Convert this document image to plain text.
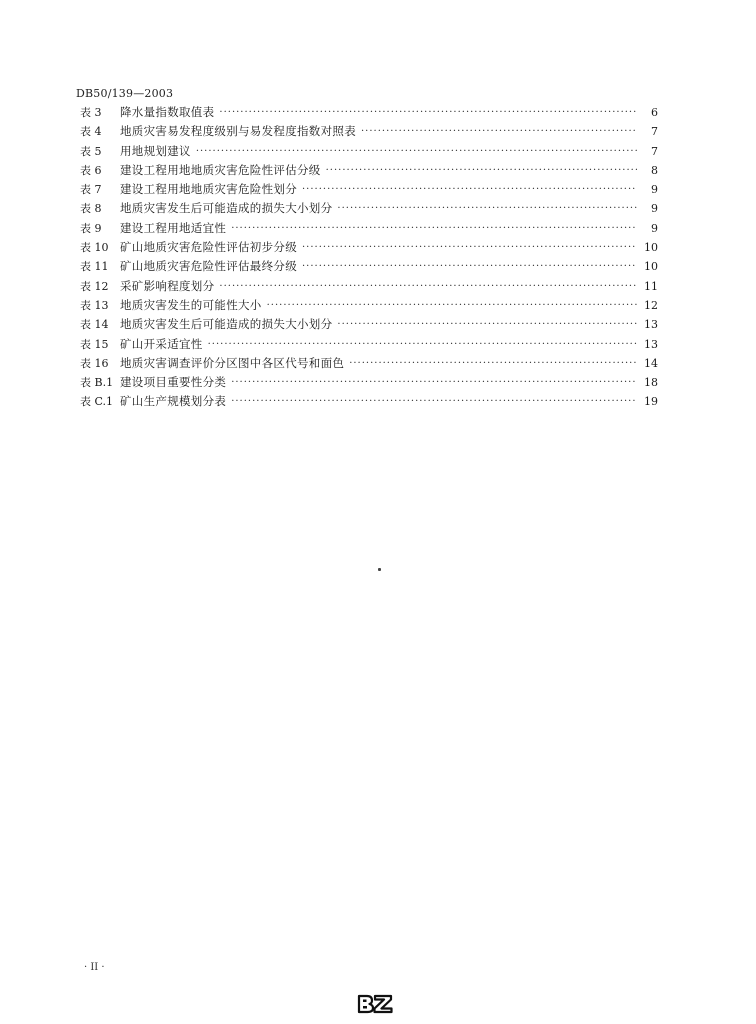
DB50/139—2003
表 3	降水量指数取值表 ·····	6
表 4	地质灾害易发程度级别与易发程度指数对照表 ·····	7
表 5	用地规划建议 ·····	7
表 6	建设工程用地地质灾害危险性评估分级 ·····	8
表 7	建设工程用地地质灾害危险性划分 ·····	9
表 8	地质灾害发生后可能造成的损失大小划分 ·····	9
表 9	建设工程用地适宜性 ·····	9
表 10	矿山地质灾害危险性评估初步分级 ·····	10
表 11	矿山地质灾害危险性评估最终分级 ·····	10
表 12	采矿影响程度划分 ·····	11
表 13	地质灾害发生的可能性大小 ·····	12
表 14	地质灾害发生后可能造成的损失大小划分 ·····	13
表 15	矿山开采适宜性 ·····	13
表 16	地质灾害调查评价分区图中各区代号和面色 ·····	14
表 B.1 建设项目重要性分类 ·····	18
表 C.1 矿山生产规模划分表 ·····	19
· II ·
